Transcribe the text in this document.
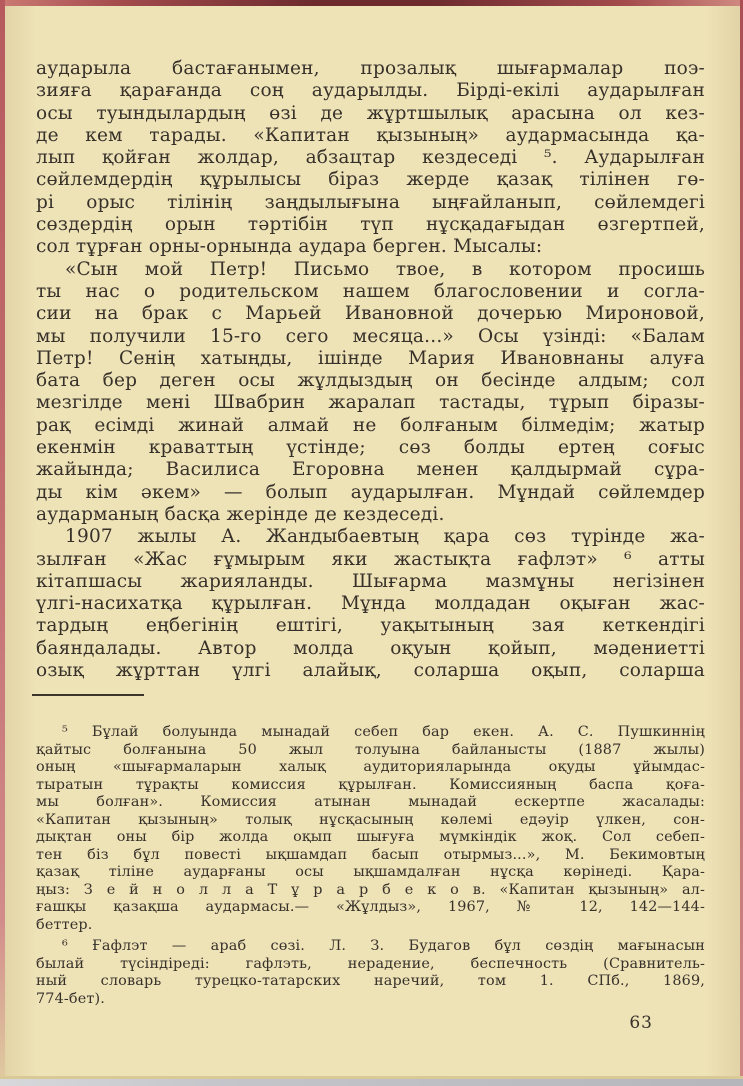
аударыла бастағанымен, прозалық шығармалар поэ-
зияға қарағанда соң аударылды. Бірді-екілі аударылған
осы туындылардың өзі де жұртшылық арасына ол кез-
де кем тарады. «Капитан қызының» аудармасында қа-
лып қойған жолдар, абзацтар кездеседі ⁵. Аударылған
сөйлемдердің құрылысы біраз жерде қазақ тілінен гө-
рі орыс тілінің заңдылығына ыңғайланып, сөйлемдегі
сөздердің орын тәртібін түп нұсқадағыдан өзгертпей,
сол тұрған орны-орнында аудара берген. Мысалы:
«Сын мой Петр! Письмо твое, в котором просишь
ты нас о родительском нашем благословении и согла-
сии на брак с Марьей Ивановной дочерью Мироновой,
мы получили 15-го сего месяца...» Осы үзінді: «Балам
Петр! Сенің хатыңды, ішінде Мария Ивановнаны алуға
бата бер деген осы жұлдыздың он бесінде алдым; сол
мезгілде мені Швабрин жаралап тастады, тұрып біразы-
рақ есімді жинай алмай не болғаным білмедім; жатыр
екенмін краваттың үстінде; сөз болды ертең соғыс
жайында; Василиса Егоровна менен қалдырмай сұра-
ды кім әкем» — болып аударылған. Мұндай сөйлемдер
аударманың басқа жерінде де кездеседі.
1907 жылы А. Жандыбаевтың қара сөз түрінде жа-
зылған «Жас ғұмырым яки жастықта ғафлэт» ⁶ атты
кітапшасы жарияланды. Шығарма мазмұны негізінен
үлгі-насихатқа құрылған. Мұнда молдадан оқыған жас-
тардың еңбегінің ештігі, уақытының зая кеткендігі
баяндалады. Автор молда оқуын қойып, мәдениетті
озық жұрттан үлгі алайық, соларша оқып, соларша
⁵ Бұлай болуында мынадай себеп бар екен. А. С. Пушкиннің
қайтыс болғанына 50 жыл толуына байланысты (1887 жылы)
оның «шығармаларын халық аудиторияларында оқуды ұйымдас-
тыратын тұрақты комиссия құрылған. Комиссияның баспа қоға-
мы болған». Комиссия атынан мынадай ескертпе жасалады:
«Капитан қызының» толық нұсқасының көлемі едәуір үлкен, сон-
дықтан оны бір жолда оқып шығуға мүмкіндік жоқ. Сол себеп-
тен біз бұл повесті ықшамдап басып отырмыз...», М. Бекимовтың
қазақ тіліне аударғаны осы ықшамдалған нұсқа көрінеді. Қара-
ңыз: З е й н о л л а Т ұ р а р б е к о в. «Капитан қызының» ал-
ғашқы қазақша аудармасы.— «Жұлдыз», 1967, № 12, 142—144-
беттер.
⁶ Ғафлэт — араб сөзі. Л. З. Будагов бұл сөздің мағынасын
былай түсіндіреді: гафлэть, нерадение, беспечность (Сравнитель-
ный словарь турецко-татарских наречий, том 1. СПб., 1869,
774-бет).
63
